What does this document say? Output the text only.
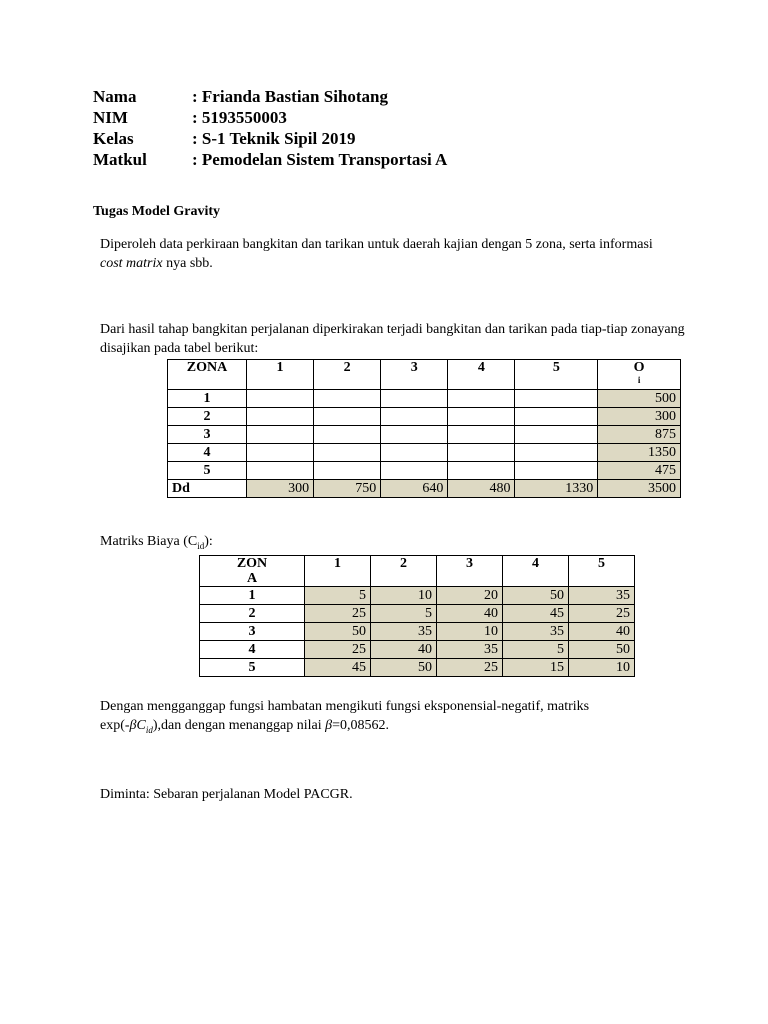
Nama	: Frianda Bastian Sihotang
NIM	: 5193550003
Kelas	: S-1 Teknik Sipil 2019
Matkul	: Pemodelan Sistem Transportasi A
Tugas Model Gravity
Diperoleh data perkiraan bangkitan dan tarikan untuk daerah kajian dengan 5 zona, serta informasi
cost matrix nya sbb.
Dari hasil tahap bangkitan perjalanan diperkirakan terjadi bangkitan dan tarikan pada tiap-tiap zonayang disajikan pada tabel berikut:
ZONA	1	2	3	4	5	O
i

1						500
2						300
3						875
4						1350
5						475
Dd	300	750	640	480	1330	3500
Matriks Biaya $(C_{id})$:
ZON
A	1	2	3	4	5
1	5	10	20	50	35
2	25	5	40	45	25
3	50	35	10	35	40
4	25	40	35	5	50
5	45	50	25	15	10
Dengan mengganggap fungsi hambatan mengikuti fungsi eksponensial-negatif, matriks
$\exp(-\beta C_{id}),dan$ dengan menanggap nilai β=0,08562.
Diminta: Sebaran perjalanan Model PACGR.
